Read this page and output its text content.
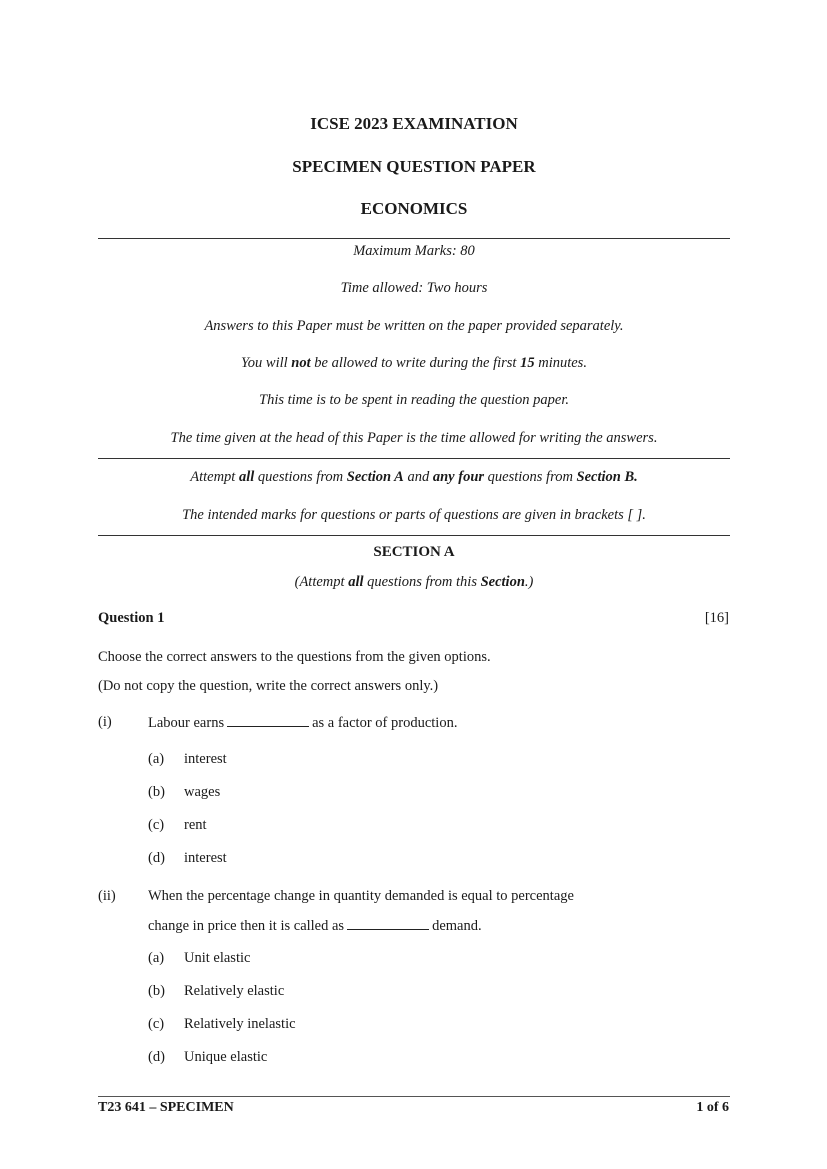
ICSE 2023 EXAMINATION
SPECIMEN QUESTION PAPER
ECONOMICS
Maximum Marks: 80
Time allowed: Two hours
Answers to this Paper must be written on the paper provided separately.
You will not be allowed to write during the first 15 minutes.
This time is to be spent in reading the question paper.
The time given at the head of this Paper is the time allowed for writing the answers.
Attempt all questions from Section A and any four questions from Section B.
The intended marks for questions or parts of questions are given in brackets [ ].
SECTION A
(Attempt all questions from this Section.)
Question 1	[16]
Choose the correct answers to the questions from the given options.
(Do not copy the question, write the correct answers only.)
(i)	Labour earns	as a factor of production.
(a) interest
(b) wages
(c) rent
(d) interest
(ii) When the percentage change in quantity demanded is equal to percentage
change in price then it is called as	demand.
(a) Unit elastic
(b) Relatively elastic
(c) Relatively inelastic
(d) Unique elastic
T23 641 – SPECIMEN	1 of 6
